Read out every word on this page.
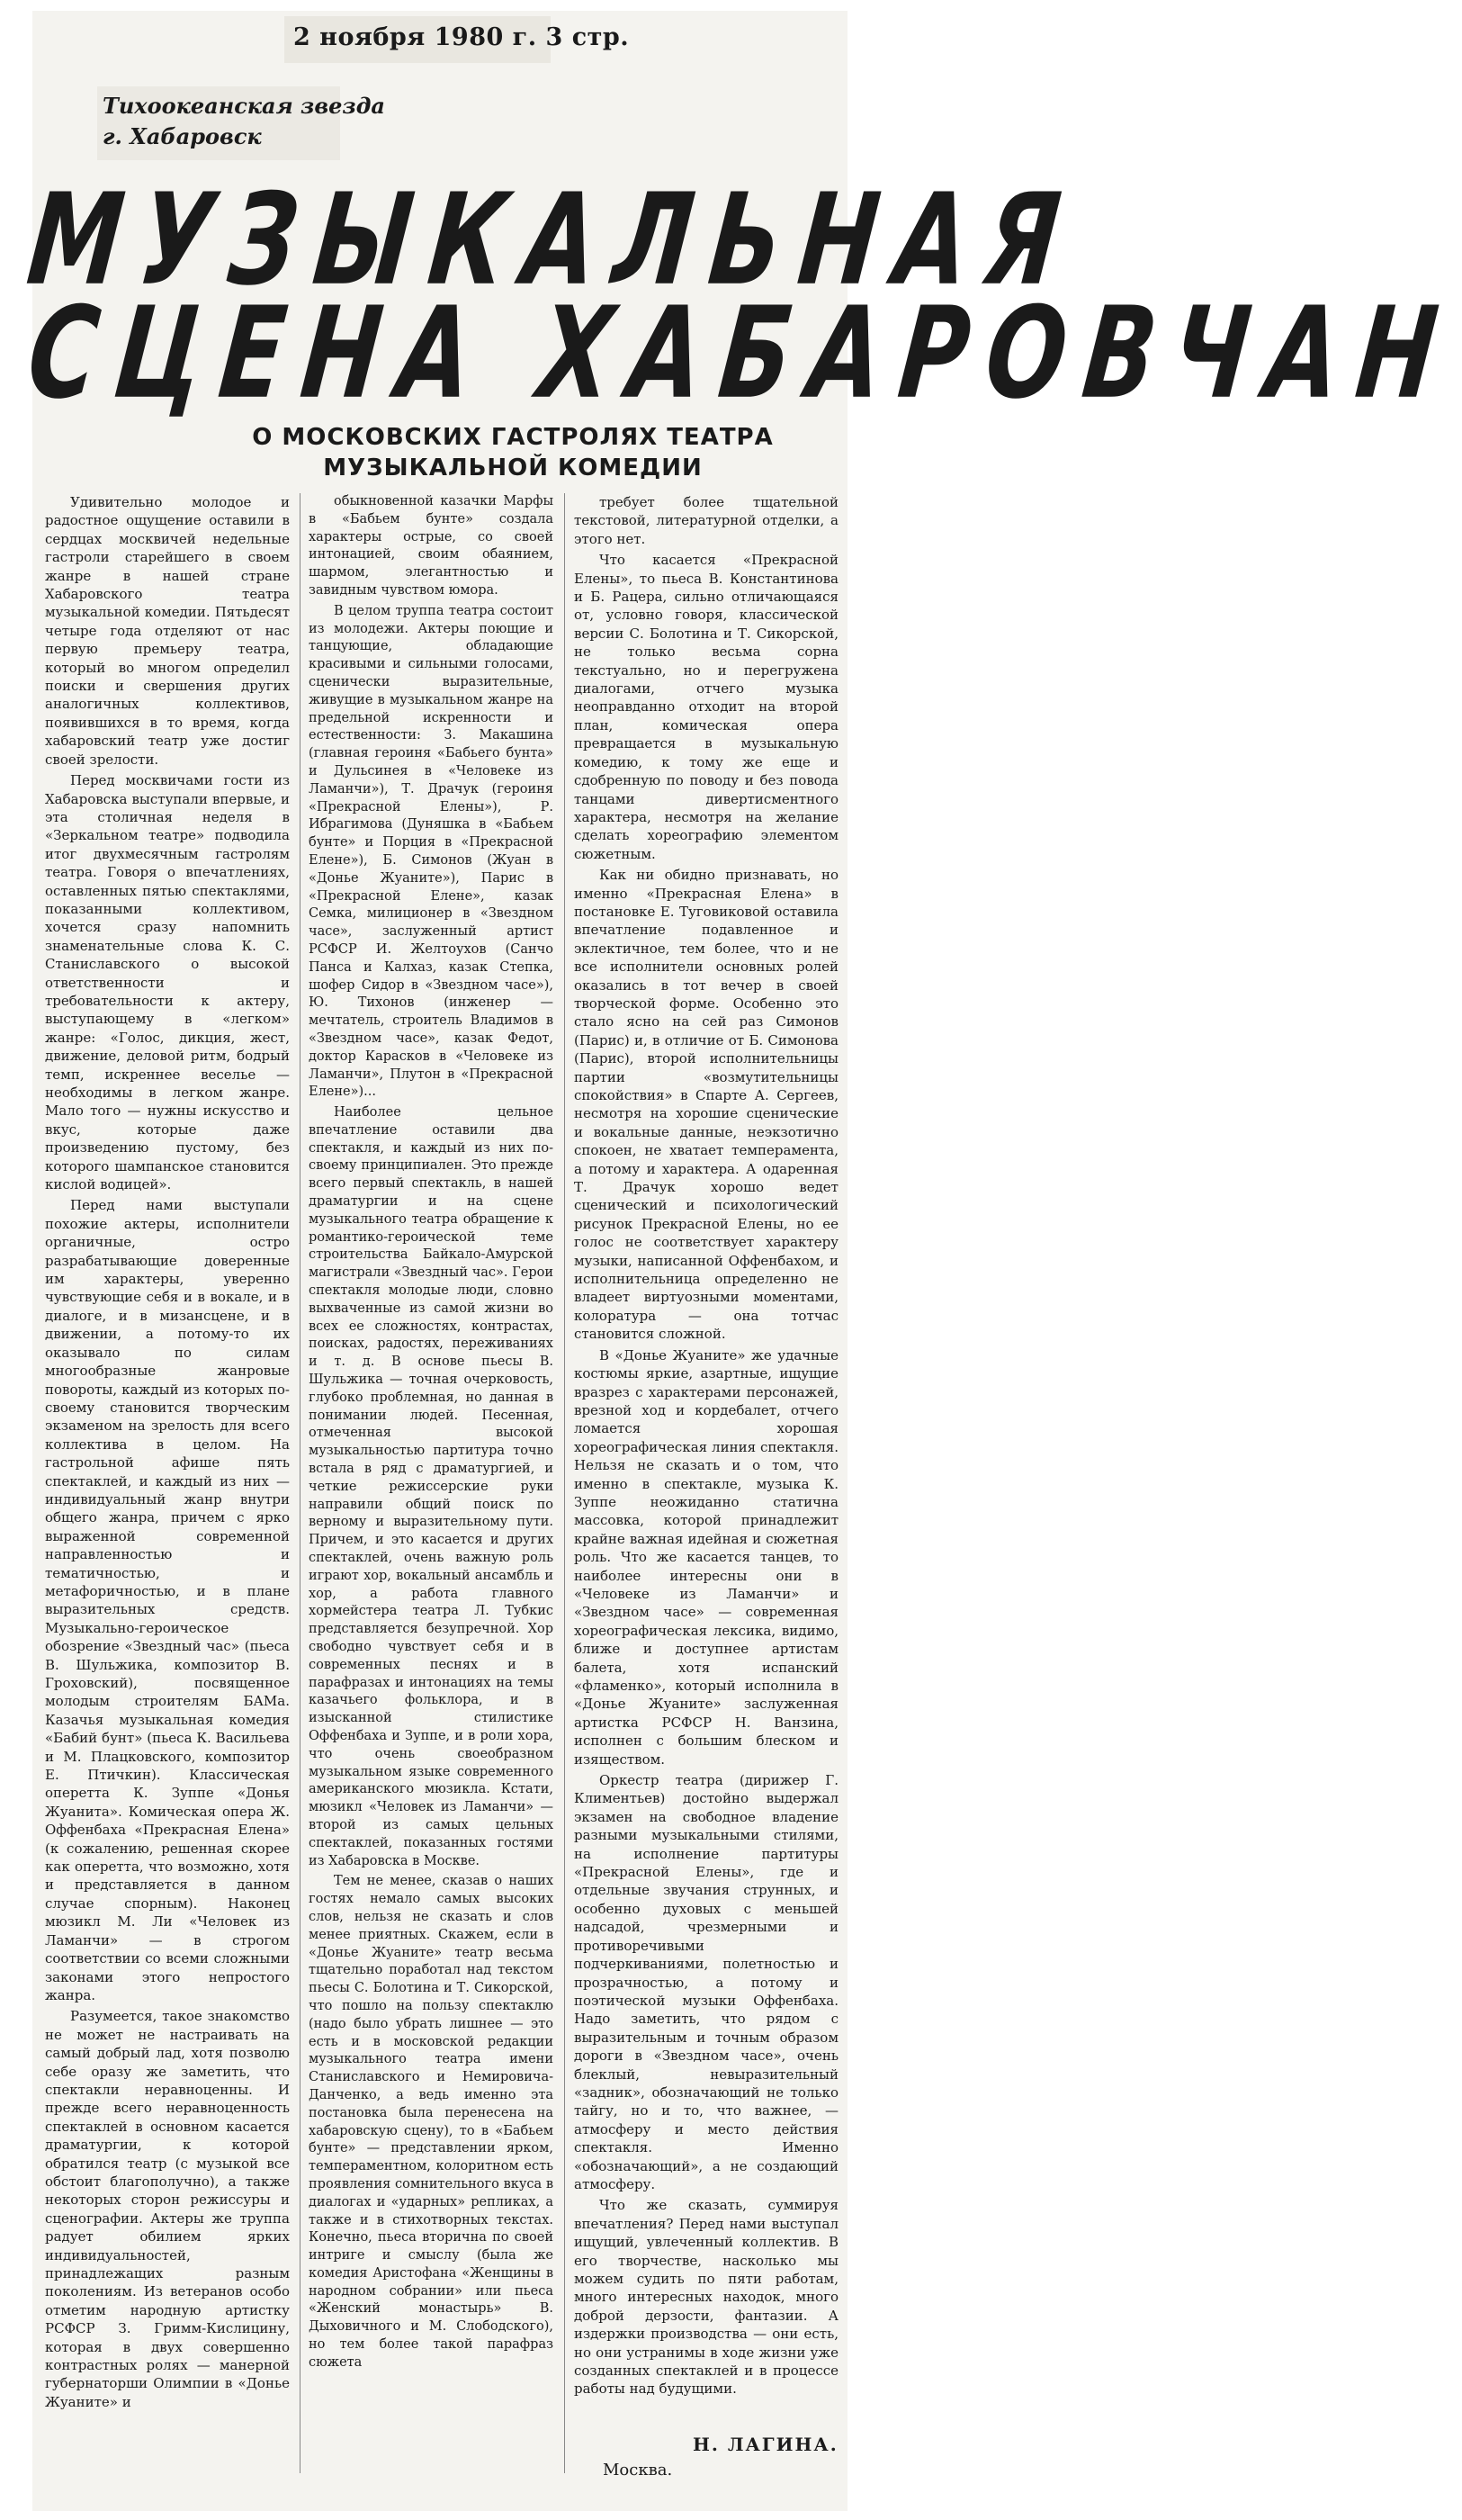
2 ноября 1980 г. 3 стр.
Тихоокеанская звезда
г. Хабаровск
МУЗЫКАЛЬНАЯ
СЦЕНА ХАБАРОВЧАН
О МОСКОВСКИХ ГАСТРОЛЯХ ТЕАТРА
МУЗЫКАЛЬНОЙ КОМЕДИИ

Удивительно молодое и радостное ощущение оставили в сердцах москвичей недельные гастроли старейшего в своем жанре в нашей стране Хабаровского театра музыкальной комедии. Пятьдесят четыре года отделяют от нас первую премьеру театра, который во многом определил поиски и свершения других аналогичных коллективов, появившихся в то время, когда хабаровский театр уже достиг своей зрелости.

Перед москвичами гости из Хабаровска выступали впервые, и эта столичная неделя в «Зеркальном театре» подводила итог двухмесячным гастролям театра. Говоря о впечатлениях, оставленных пятью спектаклями, показанными коллективом, хочется сразу напомнить знаменательные слова К. С. Станиславского о высокой ответственности и требовательности к актеру, выступающему в «легком» жанре: «Голос, дикция, жест, движение, деловой ритм, бодрый темп, искреннее веселье — необходимы в легком жанре. Мало того — нужны искусство и вкус, которые даже произведению пустому, без которого шампанское становится кислой водицей».

Перед нами выступали похожие актеры, исполнители органичные, остро разрабатывающие доверенные им характеры, уверенно чувствующие себя и в вокале, и в диалоге, и в мизансцене, и в движении, а потому-то их оказывало по силам многообразные жанровые повороты, каждый из которых по-своему становится творческим экзаменом на зрелость для всего коллектива в целом. На гастрольной афише пять спектаклей, и каждый из них — индивидуальный жанр внутри общего жанра, причем с ярко выраженной современной направленностью и тематичностью, и метафоричностью, и в плане выразительных средств. Музыкально-героическое обозрение «Звездный час» (пьеса В. Шульжика, композитор В. Гроховский), посвященное молодым строителям БАМа. Казачья музыкальная комедия «Бабий бунт» (пьеса К. Васильева и М. Плацковского, композитор Е. Птичкин). Классическая оперетта К. Зуппе «Донья Жуанита». Комическая опера Ж. Оффенбаха «Прекрасная Елена» (к сожалению, решенная скорее как оперетта, что возможно, хотя и представляется в данном случае спорным). Наконец мюзикл М. Ли «Человек из Ламанчи» — в строгом соответствии со всеми сложными законами этого непростого жанра.

Разумеется, такое знакомство не может не настраивать на самый добрый лад, хотя позволю себе оразу же заметить, что спектакли неравноценны. И прежде всего неравноценность спектаклей в основном касается драматургии, к которой обратился театр (с музыкой все обстоит благополучно), а также некоторых сторон режиссуры и сценографии. Актеры же труппа радует обилием ярких индивидуальностей, принадлежащих разным поколениям. Из ветеранов особо отметим народную артистку РСФСР З. Гримм-Кислицину, которая в двух совершенно контрастных ролях — манерной губернаторши Олимпии в «Донье Жуаните» и

обыкновенной казачки Марфы в «Бабьем бунте» создала характеры острые, со своей интонацией, своим обаянием, шармом, элегантностью и завидным чувством юмора.

В целом труппа театра состоит из молодежи. Актеры поющие и танцующие, обладающие красивыми и сильными голосами, сценически выразительные, живущие в музыкальном жанре на предельной искренности и естественности: З. Макашина (главная героиня «Бабьего бунта» и Дульсинея в «Человеке из Ламанчи»), Т. Драчук (героиня «Прекрасной Елены»), Р. Ибрагимова (Дуняшка в «Бабьем бунте» и Порция в «Прекрасной Елене»), Б. Симонов (Жуан в «Донье Жуаните»), Парис в «Прекрасной Елене», казак Семка, милиционер в «Звездном часе», заслуженный артист РСФСР И. Желтоухов (Санчо Панса и Калхаз, казак Степка, шофер Сидор в «Звездном часе»), Ю. Тихонов (инженер — мечтатель, строитель Владимов в «Звездном часе», казак Федот, доктор Карасков в «Человеке из Ламанчи», Плутон в «Прекрасной Елене»)...

Наиболее цельное впечатление оставили два спектакля, и каждый из них по-своему принципиален. Это прежде всего первый спектакль, в нашей драматургии и на сцене музыкального театра обращение к романтико-героической теме строительства Байкало-Амурской магистрали «Звездный час». Герои спектакля молодые люди, словно выхваченные из самой жизни во всех ее сложностях, контрастах, поисках, радостях, переживаниях и т. д. В основе пьесы В. Шульжика — точная очерковость, глубоко проблемная, но данная в понимании людей. Песенная, отмеченная высокой музыкальностью партитура точно встала в ряд с драматургией, и четкие режиссерские руки направили общий поиск по верному и выразительному пути. Причем, и это касается и других спектаклей, очень важную роль играют хор, вокальный ансамбль и хор, а работа главного хормейстера театра Л. Тубкис представляется безупречной. Хор свободно чувствует себя и в современных песнях и в парафразах и интонациях на темы казачьего фольклора, и в изысканной стилистике Оффенбаха и Зуппе, и в роли хора, что очень своеобразном музыкальном языке современного американского мюзикла. Кстати, мюзикл «Человек из Ламанчи» — второй из самых цельных спектаклей, показанных гостями из Хабаровска в Москве.

Тем не менее, сказав о наших гостях немало самых высоких слов, нельзя не сказать и слов менее приятных. Скажем, если в «Донье Жуаните» театр весьма тщательно поработал над текстом пьесы С. Болотина и Т. Сикорской, что пошло на пользу спектаклю (надо было убрать лишнее — это есть и в московской редакции музыкального театра имени Станиславского и Немировича-Данченко, а ведь именно эта постановка была перенесена на хабаровскую сцену), то в «Бабьем бунте» — представлении ярком, темпераментном, колоритном есть проявления сомнительного вкуса в диалогах и «ударных» репликах, а также и в стихотворных текстах. Конечно, пьеса вторична по своей интриге и смыслу (была же комедия Аристофана «Женщины в народном собрании» или пьеса «Женский монастырь» В. Дыховичного и М. Слободского), но тем более такой парафраз сюжета

требует более тщательной текстовой, литературной отделки, а этого нет.

Что касается «Прекрасной Елены», то пьеса В. Константинова и Б. Рацера, сильно отличающаяся от, условно говоря, классической версии С. Болотина и Т. Сикорской, не только весьма сорна текстуально, но и перегружена диалогами, отчего музыка неоправданно отходит на второй план, комическая опера превращается в музыкальную комедию, к тому же еще и сдобренную по поводу и без повода танцами дивертисментного характера, несмотря на желание сделать хореографию элементом сюжетным.

Как ни обидно признавать, но именно «Прекрасная Елена» в постановке Е. Туговиковой оставила впечатление подавленное и эклектичное, тем более, что и не все исполнители основных ролей оказались в тот вечер в своей творческой форме. Особенно это стало ясно на сей раз Симонов (Парис) и, в отличие от Б. Симонова (Парис), второй исполнительницы партии «возмутительницы спокойствия» в Спарте А. Сергеев, несмотря на хорошие сценические и вокальные данные, неэкзотично спокоен, не хватает темперамента, а потому и характера. А одаренная Т. Драчук хорошо ведет сценический и психологический рисунок Прекрасной Елены, но ее голос не соответствует характеру музыки, написанной Оффенбахом, и исполнительница определенно не владеет виртуозными моментами, колоратура — она тотчас становится сложной.

В «Донье Жуаните» же удачные костюмы яркие, азартные, ищущие вразрез с характерами персонажей, врезной ход и кордебалет, отчего ломается хорошая хореографическая линия спектакля. Нельзя не сказать и о том, что именно в спектакле, музыка К. Зуппе неожиданно статична массовка, которой принадлежит крайне важная идейная и сюжетная роль. Что же касается танцев, то наиболее интересны они в «Человеке из Ламанчи» и «Звездном часе» — современная хореографическая лексика, видимо, ближе и доступнее артистам балета, хотя испанский «фламенко», который исполнила в «Донье Жуаните» заслуженная артистка РСФСР Н. Ванзина, исполнен с большим блеском и изяществом.

Оркестр театра (дирижер Г. Климентьев) достойно выдержал экзамен на свободное владение разными музыкальными стилями, на исполнение партитуры «Прекрасной Елены», где и отдельные звучания струнных, и особенно духовых с меньшей надсадой, чрезмерными и противоречивыми подчеркиваниями, полетностью и прозрачностью, а потому и поэтической музыки Оффенбаха. Надо заметить, что рядом с выразительным и точным образом дороги в «Звездном часе», очень блеклый, невыразительный «задник», обозначающий не только тайгу, но и то, что важнее, — атмосферу и место действия спектакля. Именно «обозначающий», а не создающий атмосферу.

Что же сказать, суммируя впечатления? Перед нами выступал ищущий, увлеченный коллектив. В его творчестве, насколько мы можем судить по пяти работам, много интересных находок, много доброй дерзости, фантазии. А издержки производства — они есть, но они устранимы в ходе жизни уже созданных спектаклей и в процессе работы над будущими.

Н. ЛАГИНА.
Москва.
